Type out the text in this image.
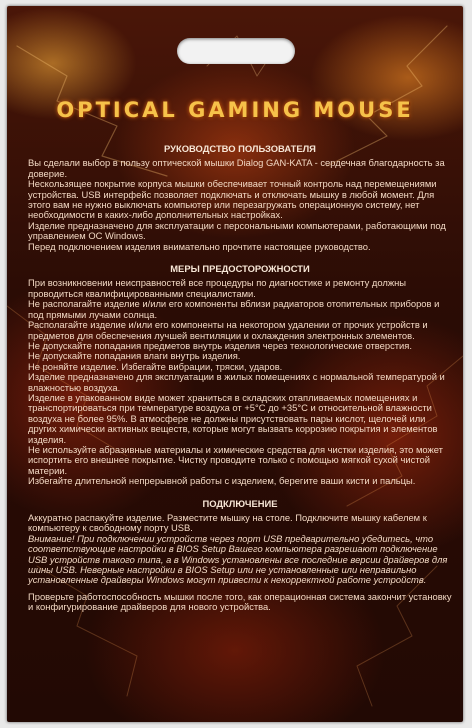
OPTICAL GAMING MOUSE
РУКОВОДСТВО ПОЛЬЗОВАТЕЛЯ

Вы сделали выбор в пользу оптической мышки Dialog GAN-KATA - сердечная благодарность за доверие.

Нескользящее покрытие корпуса мышки обеспечивает точный контроль над перемещениями устройства. USB интерфейс позволяет подключать и отключать мышку в любой момент. Для этого вам не нужно выключать компьютер или перезагружать операционную систему, нет необходимости в каких-либо дополнительных настройках.

Изделие предназначено для эксплуатации с персональными компьютерами, работающими под управлением ОС Windows.

Перед подключением изделия внимательно прочтите настоящее руководство.

МЕРЫ ПРЕДОСТОРОЖНОСТИ

При возникновении неисправностей все процедуры по диагностике и ремонту должны проводиться квалифицированными специалистами.

Не располагайте изделие и/или его компоненты вблизи радиаторов отопительных приборов и под прямыми лучами солнца.

Располагайте изделие и/или его компоненты на некотором удалении от прочих устройств и предметов для обеспечения лучшей вентиляции и охлаждения электронных элементов.

Не допускайте попадания предметов внутрь изделия через технологические отверстия.

Не допускайте попадания влаги внутрь изделия.

Не роняйте изделие. Избегайте вибрации, тряски, ударов.

Изделие предназначено для эксплуатации в жилых помещениях с нормальной температурой и влажностью воздуха.

Изделие в упакованном виде может храниться в складских отапливаемых помещениях и транспортироваться при температуре воздуха от +5°С до +35°С и относительной влажности воздуха не более 95%. В атмосфере не должны присутствовать пары кислот, щелочей или других химически активных веществ, которые могут вызвать коррозию покрытия и элементов изделия.

Не используйте абразивные материалы и химические средства для чистки изделия, это может испортить его внешнее покрытие. Чистку проводите только с помощью мягкой сухой чистой материи.

Избегайте длительной непрерывной работы с изделием, берегите ваши кисти и пальцы.

ПОДКЛЮЧЕНИЕ

Аккуратно распакуйте изделие. Разместите мышку на столе. Подключите мышку кабелем к компьютеру к свободному порту USB.

Внимание! При подключении устройств через порт USB предварительно убедитесь, что соответствующие настройки в BIOS Setup Вашего компьютера разрешают подключение USB устройств такого типа, а в Windows установлены все последние версии драйверов для шины USB. Неверные настройки в BIOS Setup или не установленные или неправильно установленные драйверы Windows могут привести к некорректной работе устройств.

Проверьте работоспособность мышки после того, как операционная система закончит установку и конфигурирование драйверов для нового устройства.
